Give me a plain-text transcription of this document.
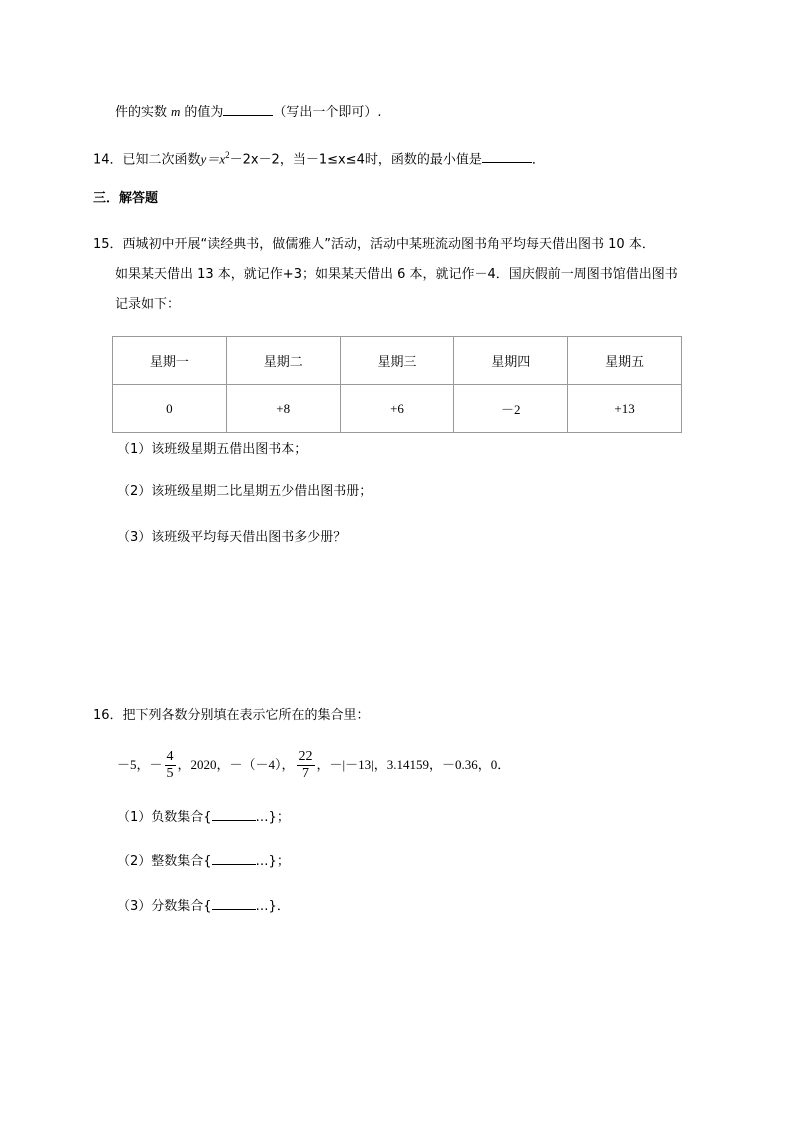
件的实数 m 的值为	（写出一个即可）.
14．已知二次函数$y=x^2-2x-2$，当－1≤x≤4时，函数的最小值是	．
三．解答题
15．西城初中开展“读经典书，做儒雅人”活动，活动中某班流动图书角平均每天借出图书 10 本．
如果某天借出 13 本，就记作+3；如果某天借出 6 本，就记作－4．国庆假前一周图书馆借出图书
记录如下：
星期一	星期二	星期三	星期四	星期五
0	+8	+6	－2	+13
（1）该班级星期五借出图书本；
（2）该班级星期二比星期五少借出图书册；
（3）该班级平均每天借出图书多少册？
16．把下列各数分别填在表示它所在的集合里：
－5，－ $\frac{4}{5}$ ，2020，－（－4）， $\frac{22}{7}$ ，－|－13|，3.14159，－0.36，0．
（1）负数集合{	…}；
（2）整数集合{	…}；
（3）分数集合{	…}．
